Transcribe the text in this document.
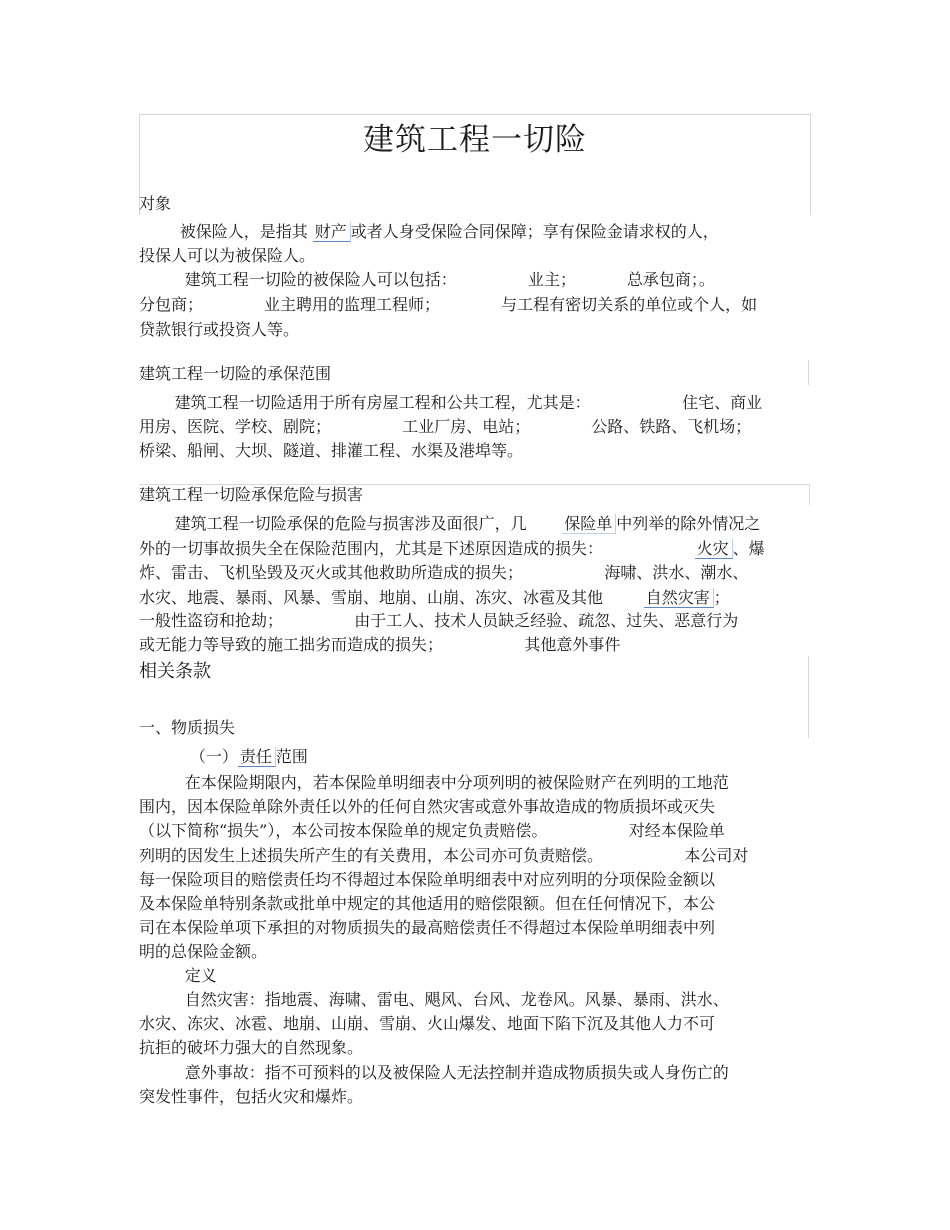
建筑工程一切险
对象
被保险人，是指其 财产 或者人身受保险合同保障；享有保险金请求权的人，
投保人可以为被保险人。
建筑工程一切险的被保险人可以包括：              业主；          总承包商；。
分包商；            业主聘用的监理工程师；            与工程有密切关系的单位或个人，如
贷款银行或投资人等。
建筑工程一切险的承保范围
建筑工程一切险适用于所有房屋工程和公共工程，尤其是：                  住宅、商业
用房、医院、学校、剧院；              工业厂房、电站；            公路、铁路、飞机场；
桥梁、船闸、大坝、隧道、排灌工程、水渠及港埠等。
建筑工程一切险承保危险与损害
建筑工程一切险承保的危险与损害涉及面很广，几       保险单 中列举的除外情况之
外的一切事故损失全在保险范围内，尤其是下述原因造成的损失：                  火灾 、爆
炸、雷击、飞机坠毁及灭火或其他救助所造成的损失；                海啸、洪水、潮水、
水灾、地震、暴雨、风暴、雪崩、地崩、山崩、冻灾、冰雹及其他        自然灾害 ；
一般性盗窃和抢劫；              由于工人、技术人员缺乏经验、疏忽、过失、恶意行为
或无能力等导致的施工拙劣而造成的损失；                其他意外事件
相关条款
一、物质损失
（一） 责任 范围
在本保险期限内，若本保险单明细表中分项列明的被保险财产在列明的工地范
围内，因本保险单除外责任以外的任何自然灾害或意外事故造成的物质损坏或灭失
（以下简称“损失”），本公司按本保险单的规定负责赔偿。                对经本保险单
列明的因发生上述损失所产生的有关费用，本公司亦可负责赔偿。                本公司对
每一保险项目的赔偿责任均不得超过本保险单明细表中对应列明的分项保险金额以
及本保险单特别条款或批单中规定的其他适用的赔偿限额。但在任何情况下，本公
司在本保险单项下承担的对物质损失的最高赔偿责任不得超过本保险单明细表中列
明的总保险金额。
定义
自然灾害：指地震、海啸、雷电、飓风、台风、龙卷风。风暴、暴雨、洪水、
水灾、冻灾、冰雹、地崩、山崩、雪崩、火山爆发、地面下陷下沉及其他人力不可
抗拒的破坏力强大的自然现象。
意外事故：指不可预料的以及被保险人无法控制并造成物质损失或人身伤亡的
突发性事件，包括火灾和爆炸。
